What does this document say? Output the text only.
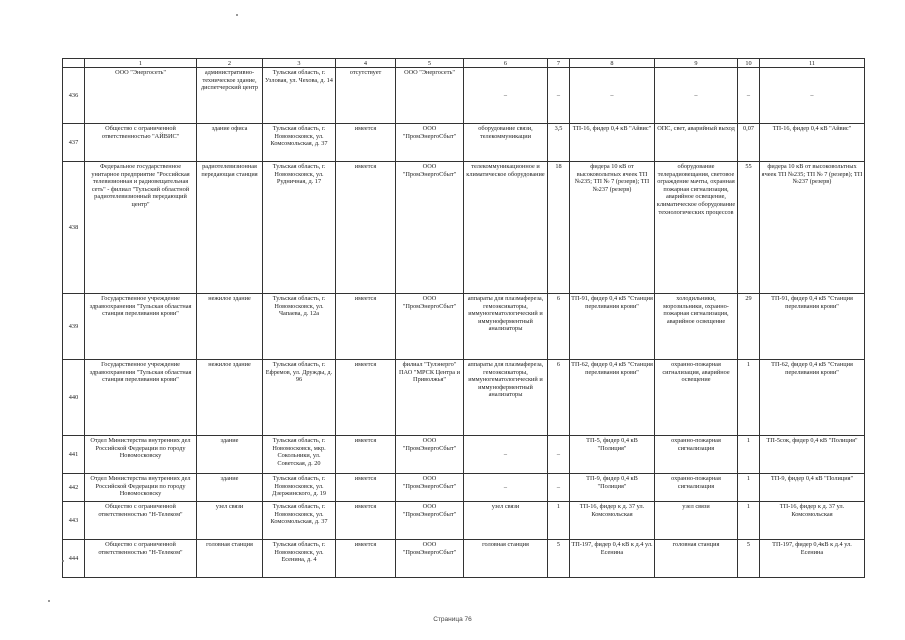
	1	2	3	4	5	6	7	8	9	10	11
436	ООО "Энергосеть"	административно-техническое здание, диспетчерский центр	Тульская область, г. Узловая, ул. Чехова, д. 14	отсутствует	ООО "Энергосеть"	–	–	–	–	–	–
437	Общество с ограниченной ответственностью "АЙВИС"	здание офиса	Тульская область, г. Новомосковск, ул. Комсомольская, д. 37	имеется	ООО "ПромЭнергоСбыт"	оборудование связи, телекоммуникации	3,5	ТП-16, фидер 0,4 кВ "Айвис"	ОПС, свет, аварийный выход	0,07	ТП-16, фидер 0,4 кВ "Айвис"
438	Федеральное государственное унитарное предприятие "Российская телевизионная и радиовещательная сеть" - филиал "Тульский областной радиотелевизионный передающий центр"	радиотелевизионная передающая станция	Тульская область, г. Новомосковск, ул. Рудничная, д. 17	имеется	ООО "ПромЭнергоСбыт"	телекоммуникационное и климатическое оборудование	18	фидера 10 кВ от высоковольтных ячеек ТП №235; ТП № 7 (резерв); ТП №237 (резерв)	оборудование телерадиовещания, световое ограждение мачты, охранная пожарная сигнализация, аварийное освещение, климатическое оборудование технологических процессов	55	фидера 10 кВ от высоковольтных ячеек ТП №235; ТП № 7 (резерв); ТП №237 (резерв)
439	Государственное учреждение здравоохранения "Тульская областная станция переливания крови"	нежилое здание	Тульская область, г. Новомосковск, ул. Чапаева, д. 12а	имеется	ООО "ПромЭнергоСбыт"	аппараты для плазмафереза, гемоэксикаторы, иммуногематологический и иммуноферментный анализаторы	6	ТП-91, фидер 0,4 кВ "Станция переливания крови"	холодильники, морозильники, охранно-пожарная сигнализация, аварийное освещение	29	ТП-91, фидер 0,4 кВ "Станция переливания крови"
440	Государственное учреждение здравоохранения "Тульская областная станция переливания крови"	нежилое здание	Тульская область, г. Ефремов, ул. Дружды, д. 96	имеется	филиал "Тулэнерго" ПАО "МРСК Центра и Приволжья"	аппараты для плазмафереза, гемоэксикаторы, иммуногематологический и иммуноферментный анализаторы	6	ТП-62, фидер 0,4 кВ "Станция переливания крови"	охранно-пожарная сигнализация, аварийное освещение	1	ТП-62, фидер 0,4 кВ "Станция переливания крови"
441	Отдел Министерства внутренних дел Российской Федерации по городу Новомосковску	здание	Тульская область, г. Новомосковск, мкр. Сокольники, ул. Советская, д. 20	имеется	ООО "ПромЭнергоСбыт"	–	–	ТП-5, фидер 0,4 кВ "Полиция"	охранно-пожарная сигнализация	1	ТП-5сок, фидер 0,4 кВ "Полиция"
442	Отдел Министерства внутренних дел Российской Федерации по городу Новомосковску	здание	Тульская область, г. Новомосковск, ул. Дзержинского, д. 19	имеется	ООО "ПромЭнергоСбыт"	–	–	ТП-9, фидер 0,4 кВ "Полиция"	охранно-пожарная сигнализация	1	ТП-9, фидер 0,4 кВ "Полиция"
443	Общество с ограниченной ответственностью "Н-Телеком"	узел связи	Тульская область, г. Новомосковск, ул. Комсомольская, д. 37	имеется	ООО "ПромЭнергоСбыт"	узел связи	1	ТП-16, фидер к д. 37 ул. Комсомольская	узел связи	1	ТП-16, фидер к д. 37 ул. Комсомольская
444	Общество с ограниченной ответственностью "Н-Телеком"	головная станция	Тульская область, г. Новомосковск, ул. Есенина, д. 4	имеется	ООО "ПромЭнергоСбыт"	головная станция	5	ТП-197, фидер 0,4 кВ к д.4 ул. Есенина	головная станция	5	ТП-197, фидер 0,4кВ к д.4 ул. Есенина
Страница 76
